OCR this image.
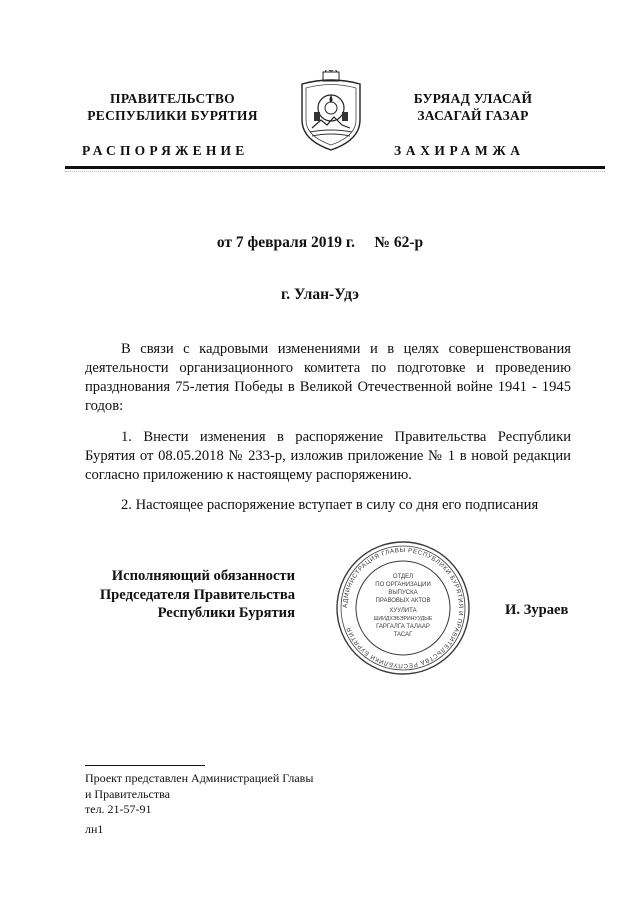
ПРАВИТЕЛЬСТВО
РЕСПУБЛИКИ БУРЯТИЯ
БУРЯАД УЛАСАЙ
ЗАСАГАЙ ГАЗАР
РАСПОРЯЖЕНИЕ	ЗАХИРАМЖА
от 7 февраля 2019 г.     № 62-р
г. Улан-Удэ
В связи с кадровыми изменениями и в целях совершенствования деятельности организационного комитета по подготовке и проведению празднования 75-летия Победы в Великой Отечественной войне 1941 - 1945 годов:
1. Внести изменения в распоряжение Правительства Республики Бурятия от 08.05.2018 № 233-р, изложив приложение № 1 в новой редакции согласно приложению к настоящему распоряжению.
2. Настоящее распоряжение вступает в силу со дня его подписания
Исполняющий обязанности
Председателя Правительства
Республики Бурятия	АДМИНИСТРАЦИЯ ГЛАВЫ РЕСПУБЛИКИ БУРЯТИЯ И ПРАВИТЕЛЬСТВА РЕСПУБЛИКИ БУРЯТИЯ
ОТДЕЛ
ПО ОРГАНИЗАЦИИ
ВЫПУСКА
ПРАВОВЫХ АКТОВ
ХУУЛИТА
ШИИДХЭБЭРИНУУДЫЕ
ГАРГАЛГА ТАЛААР
ТАСАГ
И. Зураев
Проект представлен Администрацией Главы
и Правительства
тел. 21-57-91
лн1
